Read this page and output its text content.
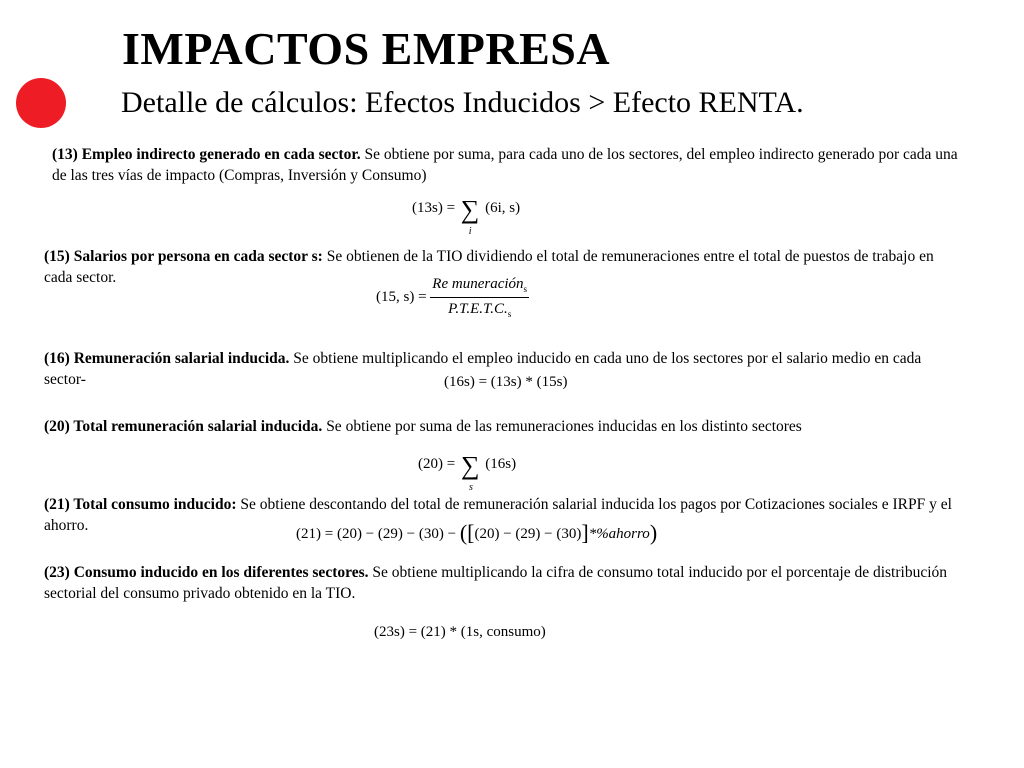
IMPACTOS EMPRESA
Detalle de cálculos: Efectos Inducidos > Efecto RENTA.
(13) Empleo indirecto generado en cada sector. Se obtiene por suma, para cada uno de los sectores, del empleo indirecto generado por cada una de las tres vías de impacto (Compras, Inversión y Consumo)
(13s) = ∑
i
(6i, s)
(15) Salarios por persona en cada sector s: Se obtienen de la TIO dividiendo el total de remuneraciones entre el total de puestos de trabajo en cada sector.
(15, $s) = \frac{Re muneración_s}{P.T.E.T.C._s}$
(16) Remuneración salarial inducida. Se obtiene multiplicando el empleo inducido en cada uno de los sectores por el salario medio en cada sector-	(16s) = (13s) * (15s)
(20) Total remuneración salarial inducida. Se obtiene por suma de las remuneraciones inducidas en los distinto sectores
(20) = ∑
s
(16s)
(21) Total consumo inducido: Se obtiene descontando del total de remuneración salarial inducida los pagos por Cotizaciones sociales e IRPF y el ahorro.	(21) = (20) − (29) − (30) − ([(20) − (29) − (30)]*%ahorro)
(23) Consumo inducido en los diferentes sectores. Se obtiene multiplicando la cifra de consumo total inducido por el porcentaje de distribución sectorial del consumo privado obtenido en la TIO.
(23s) = (21) * (1s, consumo)
